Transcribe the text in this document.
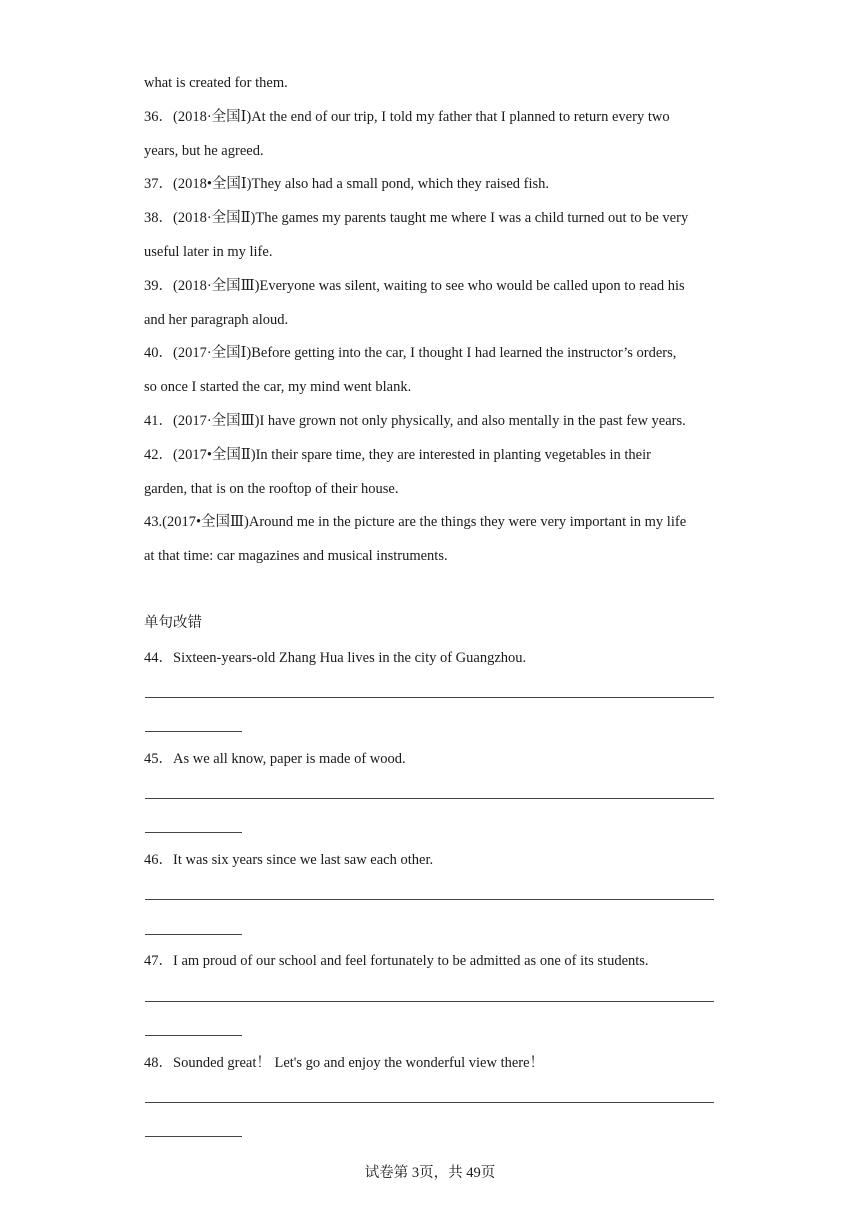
what is created for them.
36．(2018·全国Ⅰ)At the end of our trip, I told my father that I planned to return every two
years, but he agreed.
37．(2018•全国Ⅰ)They also had a small pond, which they raised fish.
38．(2018·全国Ⅱ)The games my parents taught me where I was a child turned out to be very
useful later in my life.
39．(2018·全国Ⅲ)Everyone was silent, waiting to see who would be called upon to read his
and her paragraph aloud.
40．(2017·全国Ⅰ)Before getting into the car, I thought I had learned the instructor’s orders,
so once I started the car, my mind went blank.
41．(2017·全国Ⅲ)I have grown not only physically, and also mentally in the past few years.
42．(2017•全国Ⅱ)In their spare time, they are interested in planting vegetables in their
garden, that is on the rooftop of their house.
43.(2017•全国Ⅲ)Around me in the picture are the things they were very important in my life
at that time: car magazines and musical instruments.
单句改错
44．Sixteen-years-old Zhang Hua lives in the city of Guangzhou.
45．As we all know, paper is made of wood.
46．It was six years since we last saw each other.
47．I am proud of our school and feel fortunately to be admitted as one of its students.
48．Sounded great！ Let's go and enjoy the wonderful view there！
试卷第 3页，共 49页
